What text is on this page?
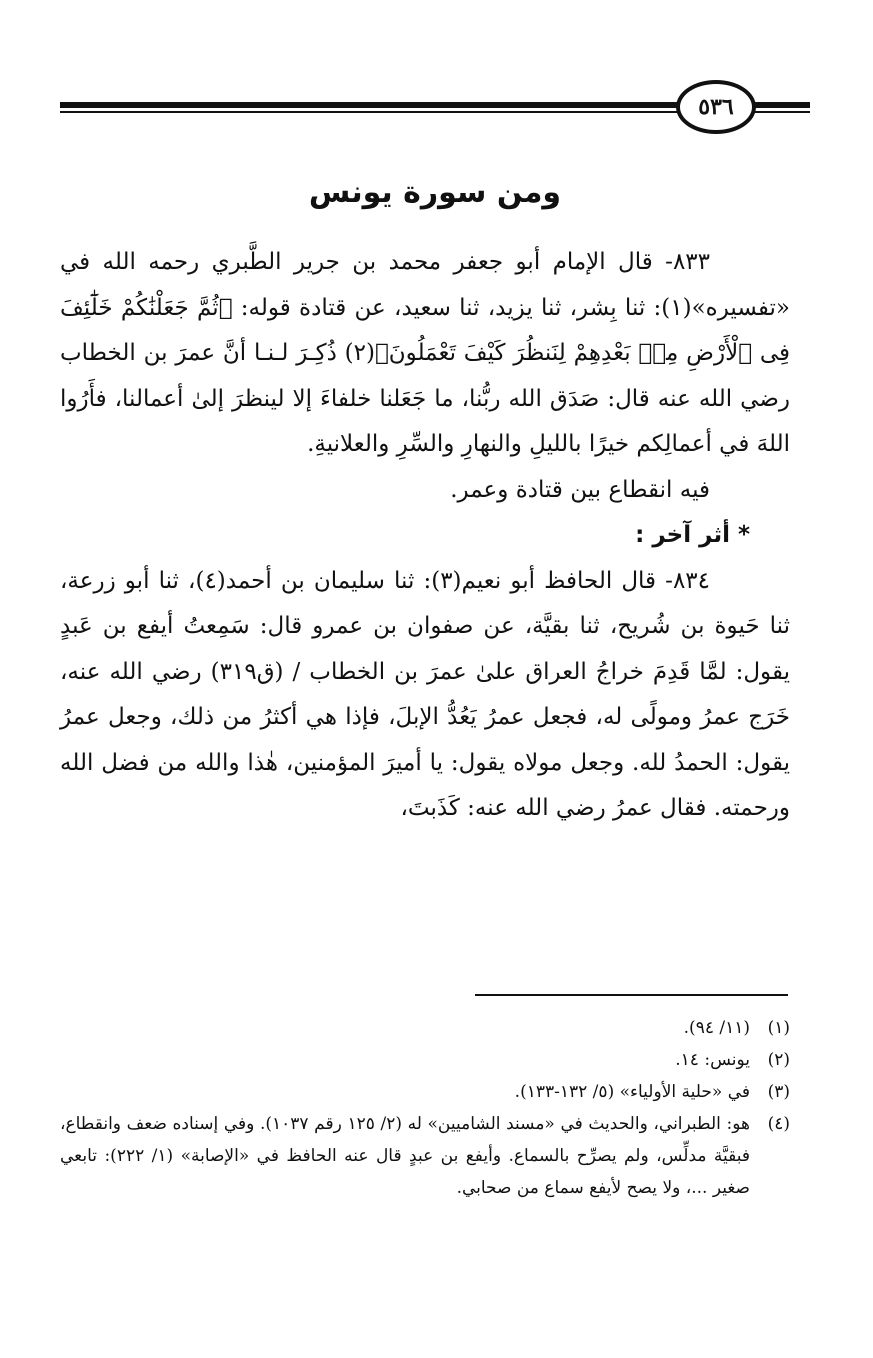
٥٣٦
ومن سورة يونس

٨٣٣- قال الإمام أبو جعفر محمد بن جرير الطَّبري رحمه الله في «تفسيره»(١): ثنا بِشر، ثنا يزيد، ثنا سعيد، عن قتادة قوله: ﴿ثُمَّ جَعَلْنَٰكُمْ خَلَٰٓئِفَ فِى ٱلْأَرْضِ مِنۢ بَعْدِهِمْ لِنَنظُرَ كَيْفَ تَعْمَلُونَ﴾(٢) ذُكِـرَ لـنـا أنَّ عمرَ بن الخطاب رضي الله عنه قال: صَدَق الله ربُّنا، ما جَعَلنا خلفاءَ إلا لينظرَ إلىٰ أعمالنا، فأَرُوا اللهَ في أعمالِكم خيرًا بالليلِ والنهارِ والسِّرِ والعلانيةِ.

فيه انقطاع بين قتادة وعمر.

* أثر آخر :

٨٣٤- قال الحافظ أبو نعيم(٣): ثنا سليمان بن أحمد(٤)، ثنا أبو زرعة، ثنا حَيوة بن شُريح، ثنا بقيَّة، عن صفوان بن عمرو قال: سَمِعتُ أيفع بن عَبدٍ يقول: لمَّا قَدِمَ خراجُ العراق علىٰ عمرَ بن الخطاب / (ق٣١٩) رضي الله عنه، خَرَج عمرُ ومولًى له، فجعل عمرُ يَعُدُّ الإبلَ، فإذا هي أكثرُ من ذلك، وجعل عمرُ يقول: الحمدُ لله. وجعل مولاه يقول: يا أميرَ المؤمنين، هٰذا والله من فضل الله ورحمته. فقال عمرُ رضي الله عنه: كَذَبتَ،

(١)
(١١/ ٩٤).
(٢)
يونس: ١٤.
(٣)
في «حلية الأولياء» (٥/ ١٣٢-١٣٣).
(٤)
هو: الطبراني، والحديث في «مسند الشاميين» له (٢/ ١٢٥ رقم ١٠٣٧). وفي إسناده ضعف وانقطاع، فبقيَّة مدلِّس، ولم يصرِّح بالسماع. وأيفع بن عبدٍ قال عنه الحافظ في «الإصابة» (١/ ٢٢٢): تابعي صغير ...، ولا يصح لأيفع سماع من صحابي.
